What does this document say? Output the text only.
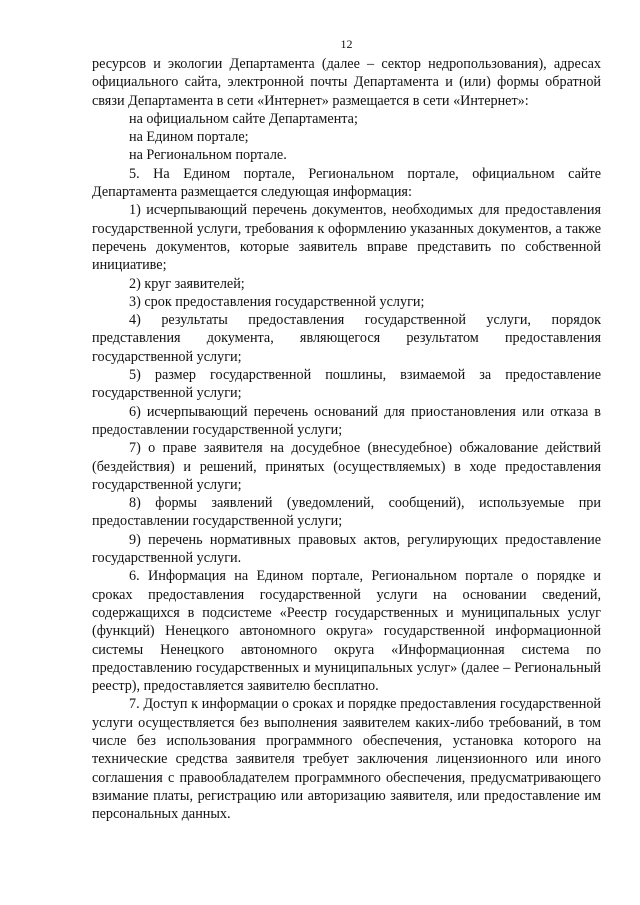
12

ресурсов и экологии Департамента (далее – сектор недропользования), адресах официального сайта, электронной почты Департамента и (или) формы обратной связи Департамента в сети «Интернет» размещается в сети «Интернет»:

на официальном сайте Департамента;

на Едином портале;

на Региональном портале.

5. На Едином портале, Региональном портале, официальном сайте Департамента размещается следующая информация:

1) исчерпывающий перечень документов, необходимых для предоставления государственной услуги, требования к оформлению указанных документов, а также перечень документов, которые заявитель вправе представить по собственной инициативе;

2) круг заявителей;

3) срок предоставления государственной услуги;

4) результаты предоставления государственной услуги, порядок представления документа, являющегося результатом предоставления государственной услуги;

5) размер государственной пошлины, взимаемой за предоставление государственной услуги;

6) исчерпывающий перечень оснований для приостановления или отказа в предоставлении государственной услуги;

7) о праве заявителя на досудебное (внесудебное) обжалование действий (бездействия) и решений, принятых (осуществляемых) в ходе предоставления государственной услуги;

8) формы заявлений (уведомлений, сообщений), используемые при предоставлении государственной услуги;

9) перечень нормативных правовых актов, регулирующих предоставление государственной услуги.

6. Информация на Едином портале, Региональном портале о порядке и сроках предоставления государственной услуги на основании сведений, содержащихся в подсистеме «Реестр государственных и муниципальных услуг (функций) Ненецкого автономного округа» государственной информационной системы Ненецкого автономного округа «Информационная система по предоставлению государственных и муниципальных услуг» (далее – Региональный реестр), предоставляется заявителю бесплатно.

7. Доступ к информации о сроках и порядке предоставления государственной услуги осуществляется без выполнения заявителем каких-либо требований, в том числе без использования программного обеспечения, установка которого на технические средства заявителя требует заключения лицензионного или иного соглашения с правообладателем программного обеспечения, предусматривающего взимание платы, регистрацию или авторизацию заявителя, или предоставление им персональных данных.
